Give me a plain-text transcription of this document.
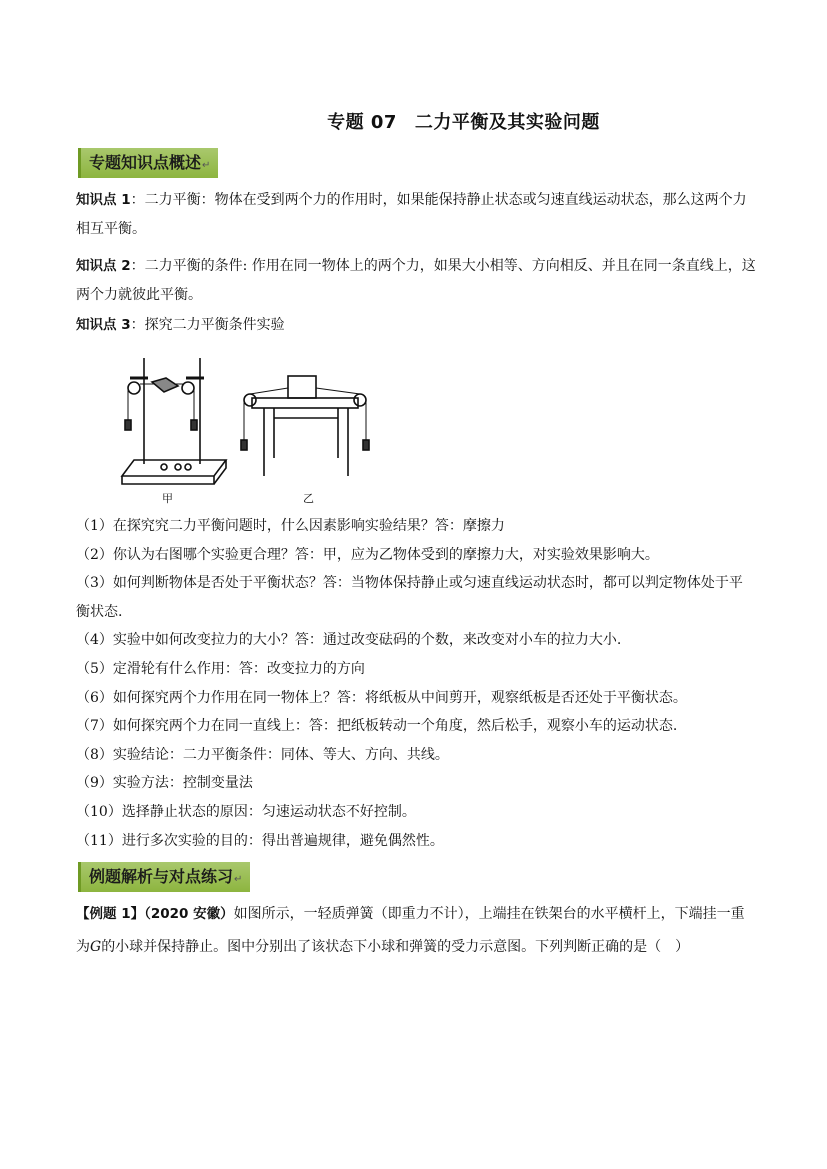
专题 07 二力平衡及其实验问题
专题知识点概述↵
知识点 1：二力平衡：物体在受到两个力的作用时，如果能保持静止状态或匀速直线运动状态，那么这两个力相互平衡。
知识点 2：二力平衡的条件: 作用在同一物体上的两个力，如果大小相等、方向相反、并且在同一条直线上，这两个力就彼此平衡。
知识点 3：探究二力平衡条件实验
甲	乙
（1）在探究究二力平衡问题时，什么因素影响实验结果？答：摩擦力
（2）你认为右图哪个实验更合理？答：甲，应为乙物体受到的摩擦力大，对实验效果影响大。
（3）如何判断物体是否处于平衡状态？答：当物体保持静止或匀速直线运动状态时，都可以判定物体处于平衡状态.
（4）实验中如何改变拉力的大小？答：通过改变砝码的个数，来改变对小车的拉力大小.
（5）定滑轮有什么作用：答：改变拉力的方向
（6）如何探究两个力作用在同一物体上？答：将纸板从中间剪开，观察纸板是否还处于平衡状态。
（7）如何探究两个力在同一直线上：答：把纸板转动一个角度，然后松手，观察小车的运动状态.
（8）实验结论：二力平衡条件：同体、等大、方向、共线。
（9）实验方法：控制变量法
（10）选择静止状态的原因：匀速运动状态不好控制。
（11）进行多次实验的目的：得出普遍规律，避免偶然性。
例题解析与对点练习↵
【例题 1】（2020 安徽）如图所示，一轻质弹簧（即重力不计），上端挂在铁架台的水平横杆上，下端挂一重为G的小球并保持静止。图中分别出了该状态下小球和弹簧的受力示意图。下列判断正确的是（　）
